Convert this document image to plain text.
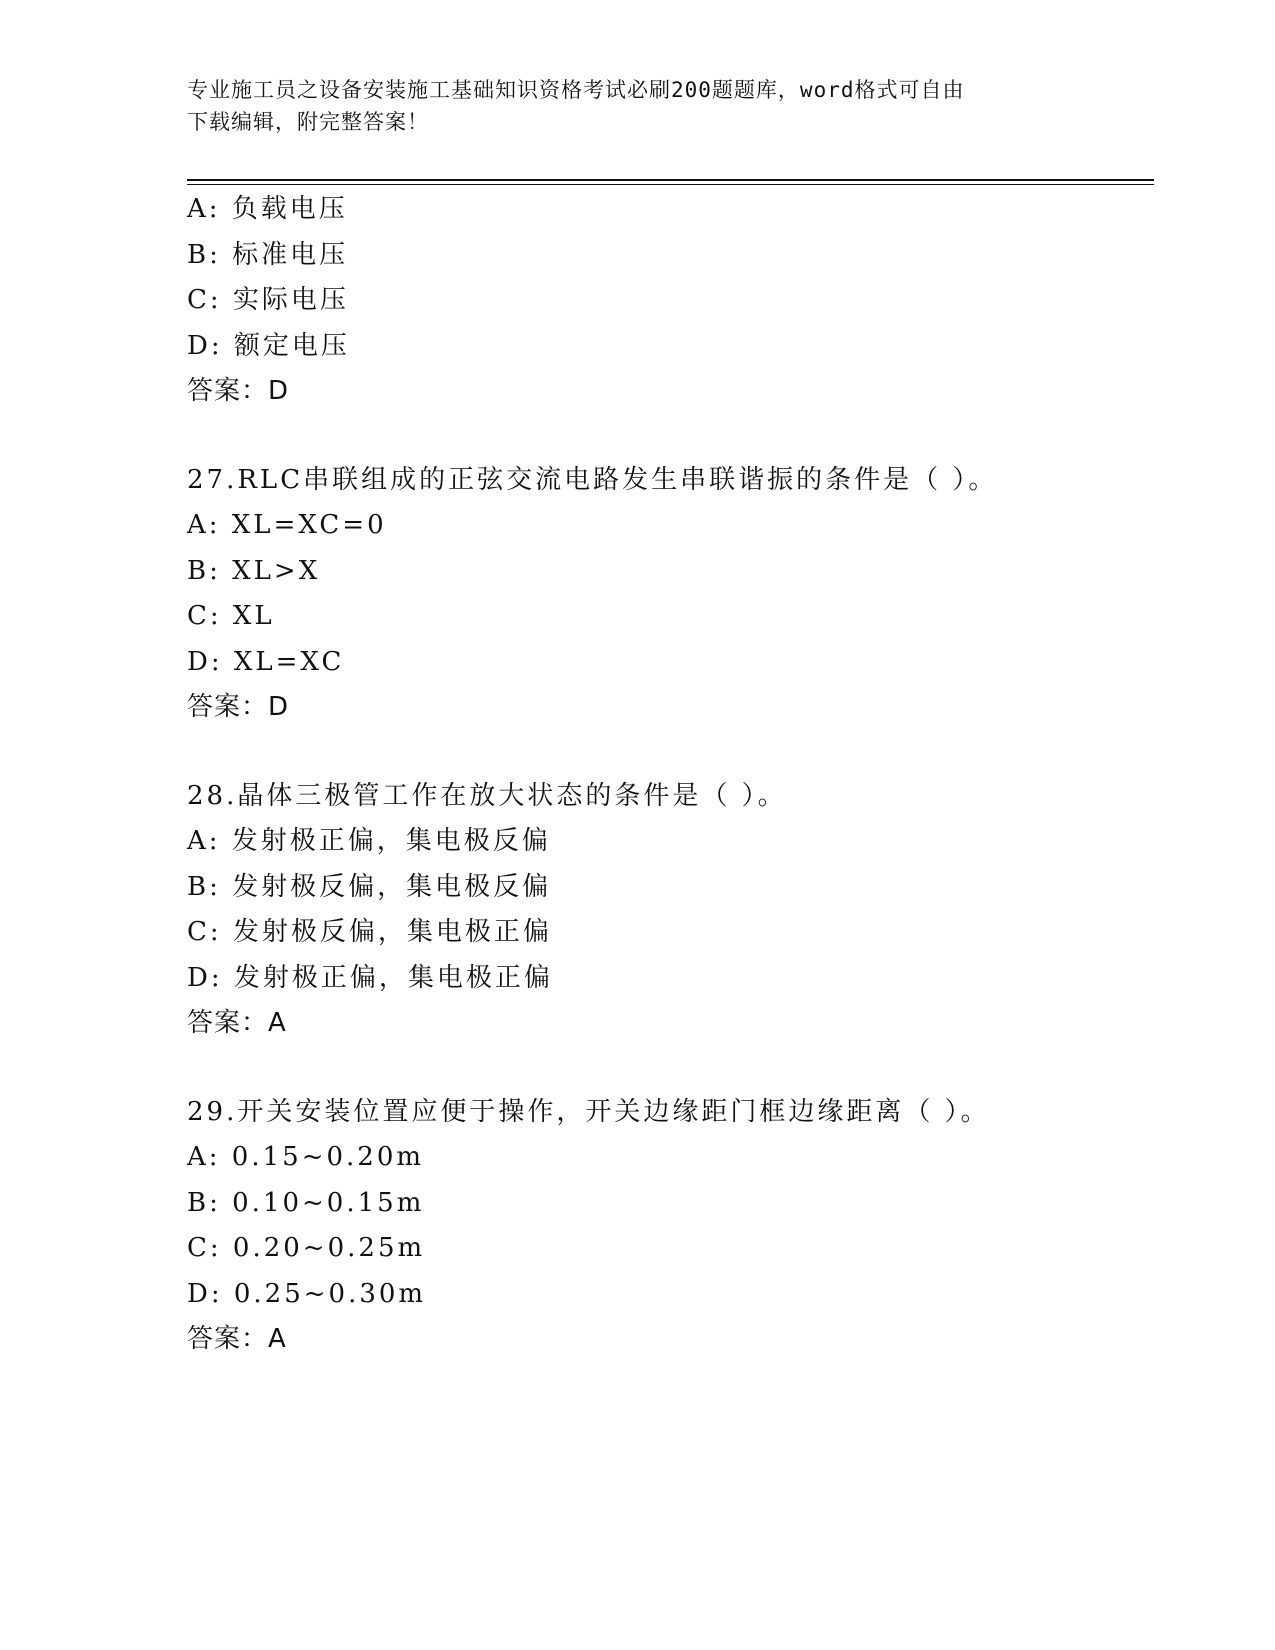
专业施工员之设备安装施工基础知识资格考试必刷200题题库，word格式可自由
下载编辑，附完整答案！
A: 负载电压
B: 标准电压
C: 实际电压
D: 额定电压
答案：D
27.RLC串联组成的正弦交流电路发生串联谐振的条件是（ ）。
A: XL=XC=0
B: XL>X
C: XL
D: XL=XC
答案：D
28.晶体三极管工作在放大状态的条件是（ ）。
A: 发射极正偏，集电极反偏
B: 发射极反偏，集电极反偏
C: 发射极反偏，集电极正偏
D: 发射极正偏，集电极正偏
答案：A
29.开关安装位置应便于操作，开关边缘距门框边缘距离（ ）。
A: 0.15~0.20m
B: 0.10~0.15m
C: 0.20~0.25m
D: 0.25~0.30m
答案：A
